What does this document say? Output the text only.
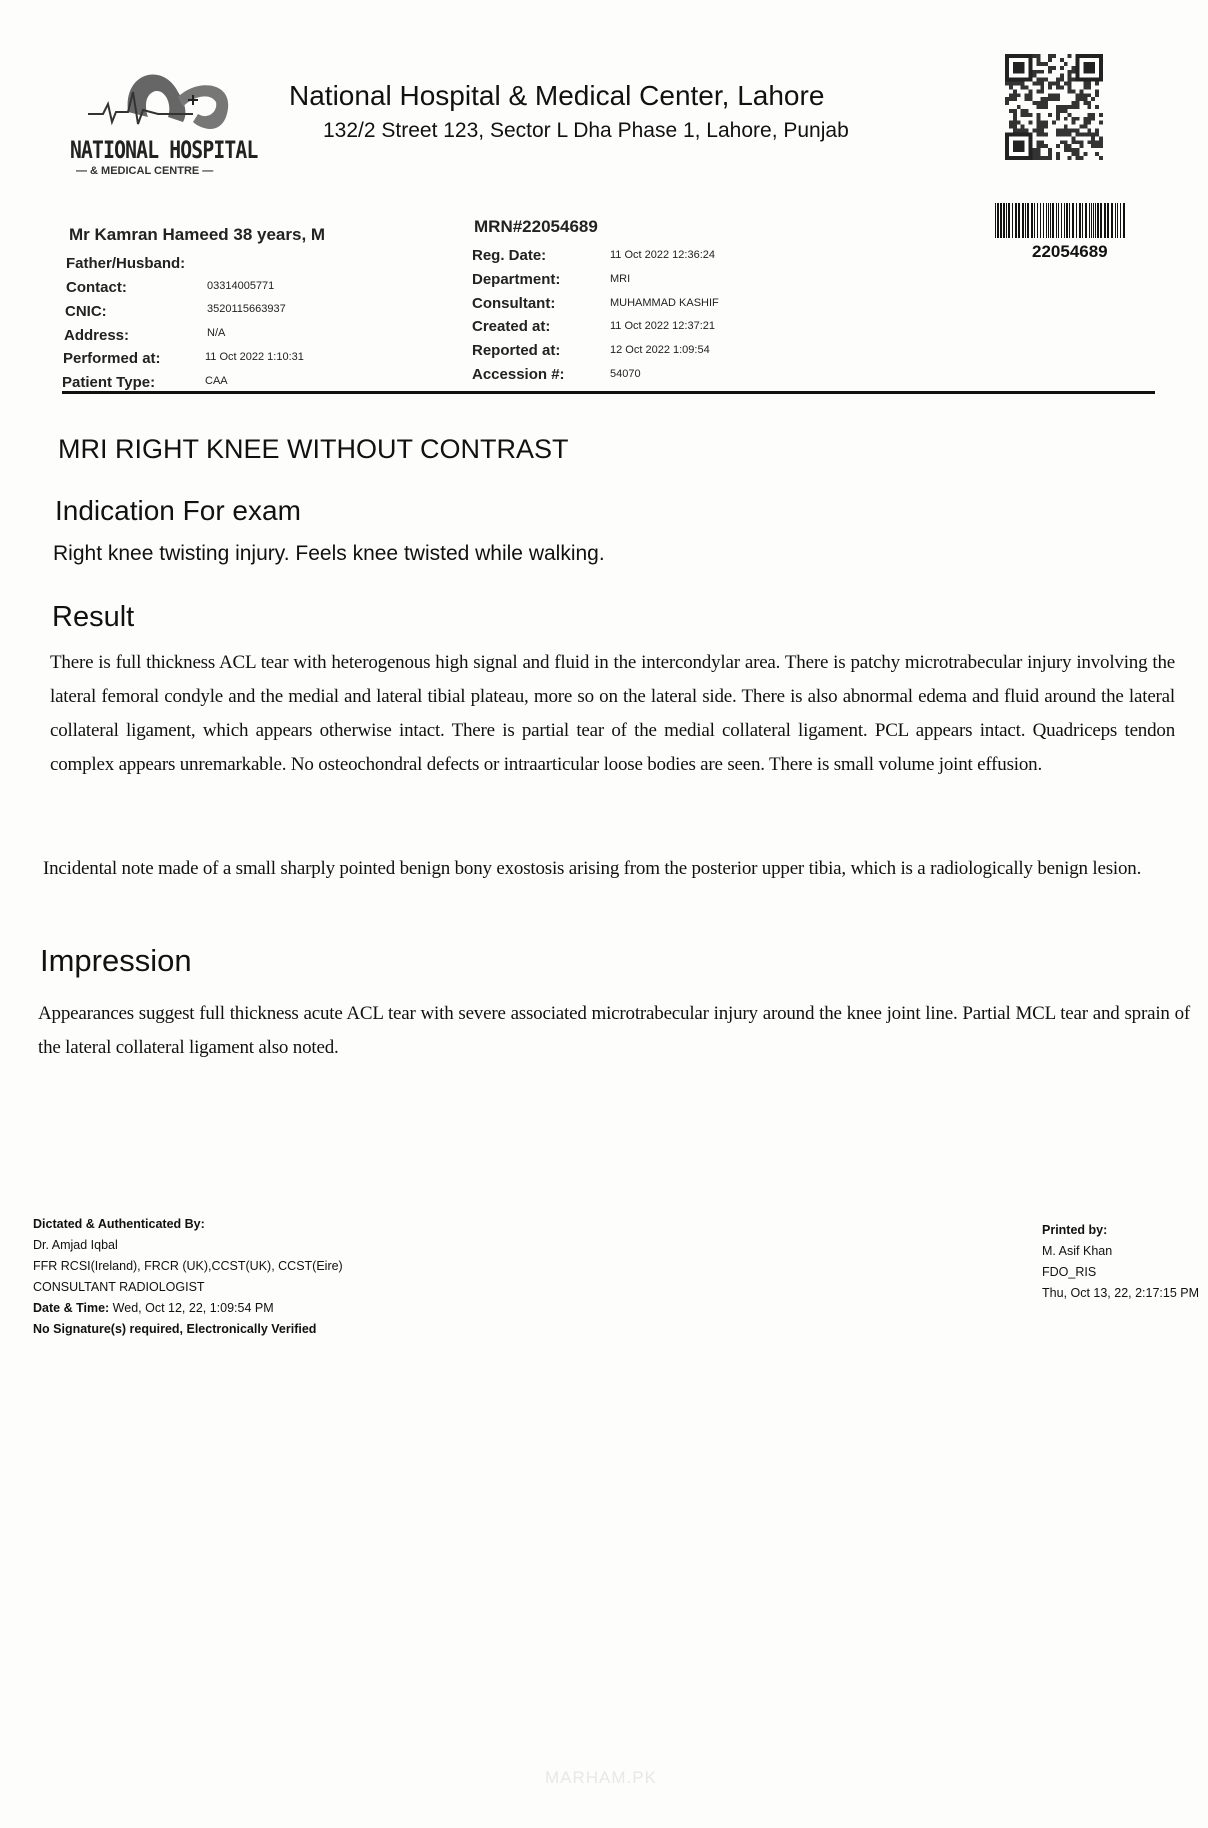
NATIONAL HOSPITAL
— & MEDICAL CENTRE —
National Hospital & Medical Center, Lahore
132/2 Street 123, Sector L Dha Phase 1, Lahore, Punjab
22054689
Mr Kamran Hameed 38 years, M
Father/Husband:
Contact:	03314005771
CNIC:	3520115663937
Address:	N/A
Performed at:	11 Oct 2022 1:10:31
Patient Type:	CAA
MRN#22054689
Reg. Date:	11 Oct 2022 12:36:24
Department:	MRI
Consultant:	MUHAMMAD KASHIF
Created at:	11 Oct 2022 12:37:21
Reported at:	12 Oct 2022 1:09:54
Accession #:	54070
MRI RIGHT KNEE WITHOUT CONTRAST
Indication For exam
Right knee twisting injury. Feels knee twisted while walking.
Result
There is full thickness ACL tear with heterogenous high signal and fluid in the intercondylar area. There is patchy microtrabecular injury involving the lateral femoral condyle and the medial and lateral tibial plateau, more so on the lateral side. There is also abnormal edema and fluid around the lateral collateral ligament, which appears otherwise intact. There is partial tear of the medial collateral ligament. PCL appears intact. Quadriceps tendon complex appears unremarkable. No osteochondral defects or intraarticular loose bodies are seen. There is small volume joint effusion.
Incidental note made of a small sharply pointed benign bony exostosis arising from the posterior upper tibia, which is a radiologically benign lesion.
Impression
Appearances suggest full thickness acute ACL tear with severe associated microtrabecular injury around the knee joint line. Partial MCL tear and sprain of the lateral collateral ligament also noted.
Dictated & Authenticated By:
Dr. Amjad Iqbal
FFR RCSI(Ireland), FRCR (UK),CCST(UK), CCST(Eire)
CONSULTANT RADIOLOGIST
Date & Time: Wed, Oct 12, 22, 1:09:54 PM
No Signature(s) required, Electronically Verified
Printed by:
M. Asif Khan
FDO_RIS
Thu, Oct 13, 22, 2:17:15 PM
MARHAM.PK
